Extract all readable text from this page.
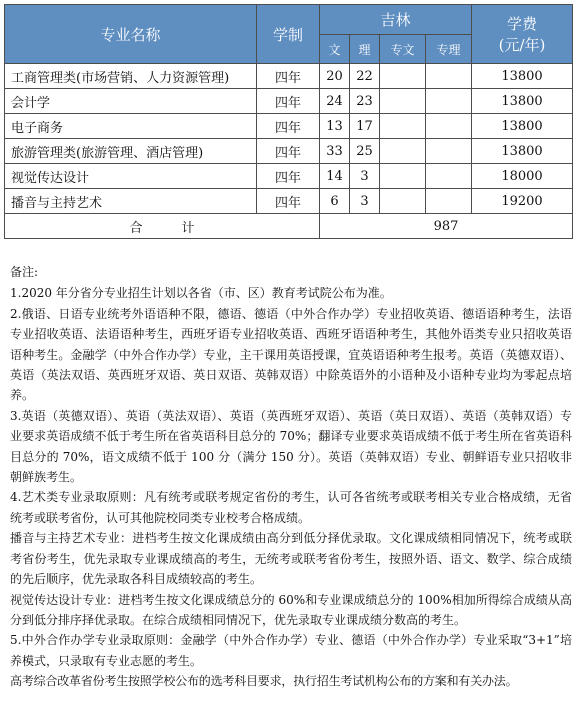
专业名称	学制	吉林				学费
(元/年)
		文	理	专文	专理	
工商管理类(市场营销、人力资源管理)	四年	20	22			13800
会计学	四年	24	23			13800
电子商务	四年	13	17			13800
旅游管理类(旅游管理、酒店管理)	四年	33	25			13800
视觉传达设计	四年	14	3			18000
播音与主持艺术	四年	6	3			19200
合　　　计		987				

备注:

1.2020 年分省分专业招生计划以各省（市、区）教育考试院公布为准。

2.俄语、日语专业统考外语语种不限，德语、德语（中外合作办学）专业招收英语、德语语种考生，法语专业招收英语、法语语种考生，西班牙语专业招收英语、西班牙语语种考生，其他外语类专业只招收英语语种考生。金融学（中外合作办学）专业，主干课用英语授课，宜英语语种考生报考。英语（英德双语）、英语（英法双语、英西班牙双语、英日双语、英韩双语）中除英语外的小语种及小语种专业均为零起点培养。

3.英语（英德双语）、英语（英法双语）、英语（英西班牙双语）、英语（英日双语）、英语（英韩双语）专业要求英语成绩不低于考生所在省英语科目总分的 70%；翻译专业要求英语成绩不低于考生所在省英语科目总分的 70%，语文成绩不低于 100 分（满分 150 分）。英语（英韩双语）专业、朝鲜语专业只招收非朝鲜族考生。

4.艺术类专业录取原则：凡有统考或联考规定省份的考生，认可各省统考或联考相关专业合格成绩，无省统考或联考省份，认可其他院校同类专业校考合格成绩。

播音与主持艺术专业：进档考生按文化课成绩由高分到低分择优录取。文化课成绩相同情况下，统考或联考省份考生，优先录取专业课成绩高的考生，无统考或联考省份考生，按照外语、语文、数学、综合成绩的先后顺序，优先录取各科目成绩较高的考生。

视觉传达设计专业：进档考生按文化课成绩总分的 60%和专业课成绩总分的 100%相加所得综合成绩从高分到低分排序择优录取。在综合成绩相同情况下，优先录取专业课成绩分数高的考生。

5.中外合作办学专业录取原则：金融学（中外合作办学）专业、德语（中外合作办学）专业采取“3+1”培养模式，只录取有专业志愿的考生。

高考综合改革省份考生按照学校公布的选考科目要求，执行招生考试机构公布的方案和有关办法。
